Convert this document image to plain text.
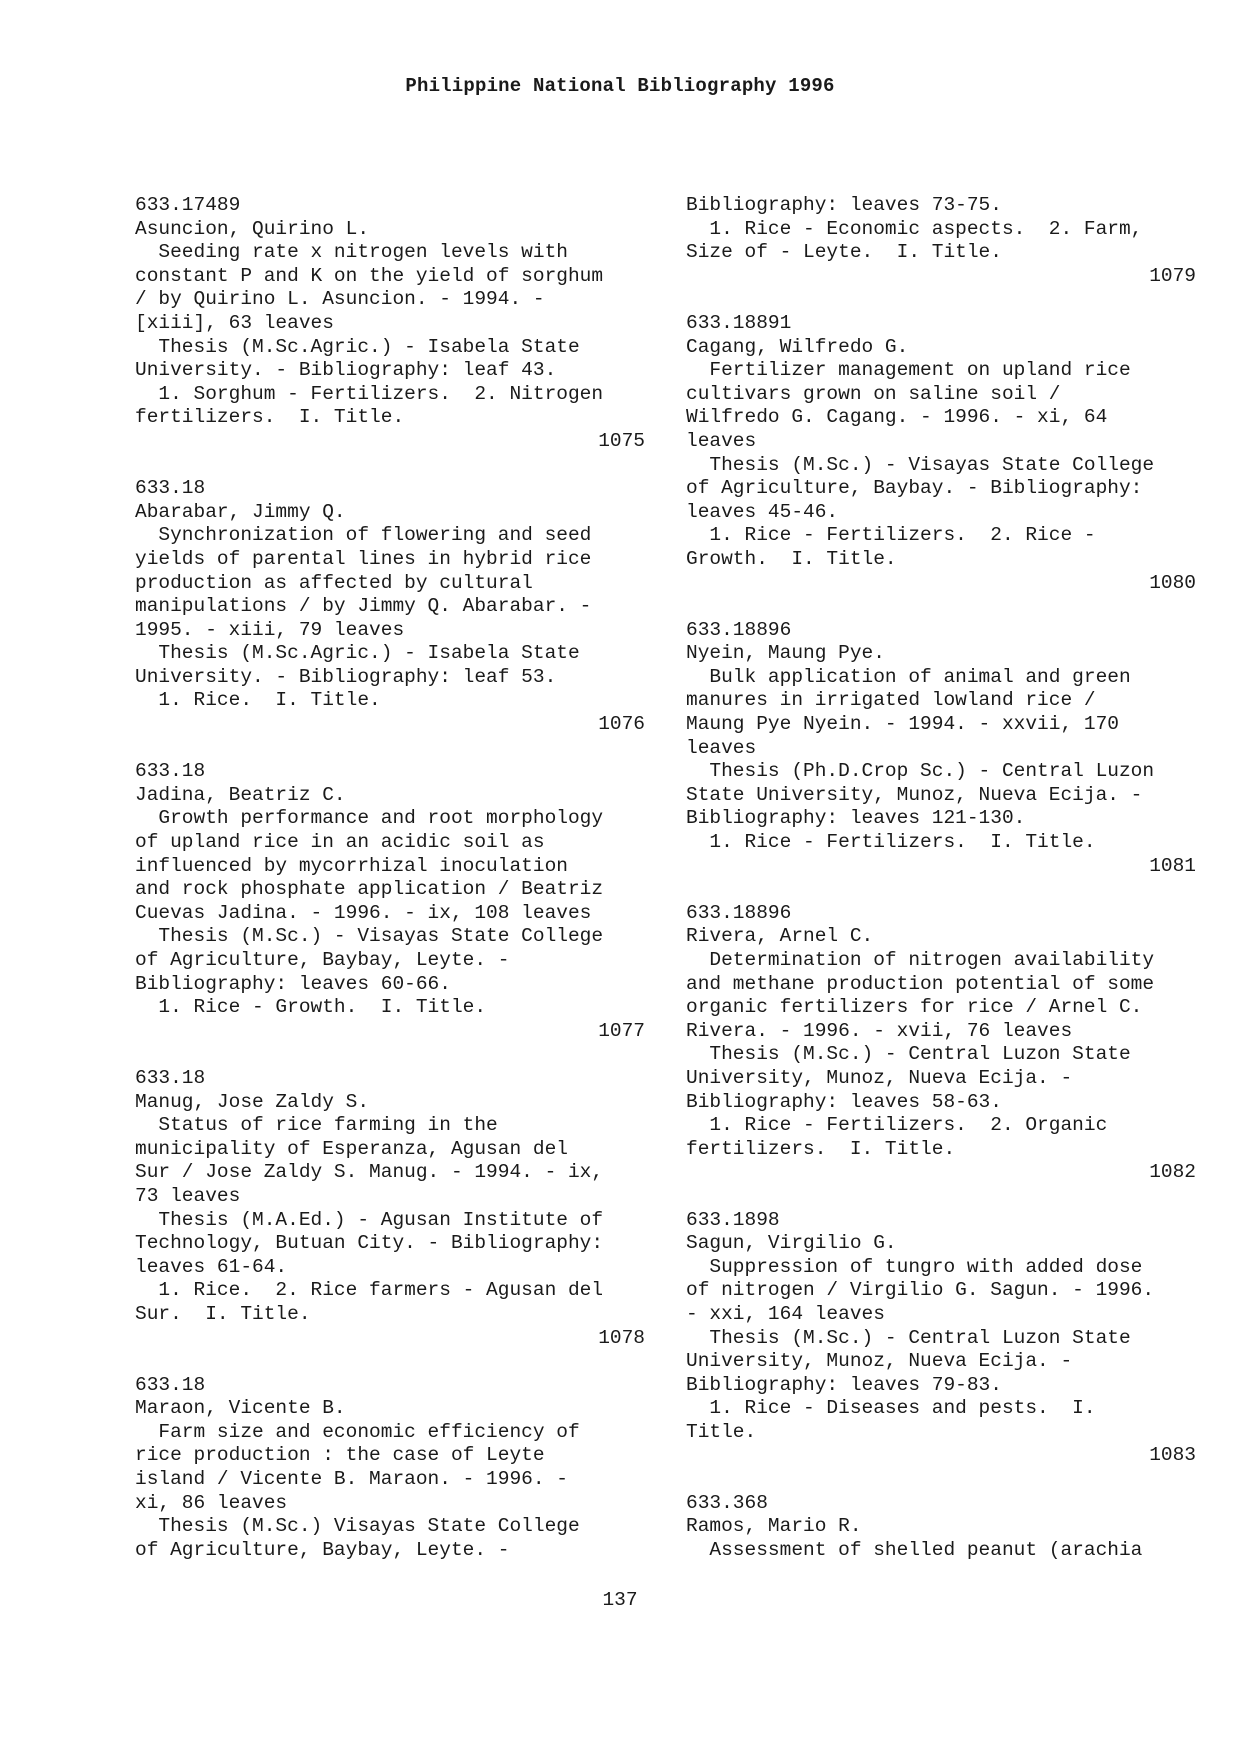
Philippine National Bibliography 1996
633.17489
Asuncion, Quirino L.
Seeding rate x nitrogen levels with
constant P and K on the yield of sorghum
/ by Quirino L. Asuncion. - 1994. -
[xiii], 63 leaves
Thesis (M.Sc.Agric.) - Isabela State
University. - Bibliography: leaf 43.
1. Sorghum - Fertilizers.  2. Nitrogen
fertilizers.  I. Title.
1075
633.18
Abarabar, Jimmy Q.
Synchronization of flowering and seed
yields of parental lines in hybrid rice
production as affected by cultural
manipulations / by Jimmy Q. Abarabar. -
1995. - xiii, 79 leaves
Thesis (M.Sc.Agric.) - Isabela State
University. - Bibliography: leaf 53.
1. Rice.  I. Title.
1076
633.18
Jadina, Beatriz C.
Growth performance and root morphology
of upland rice in an acidic soil as
influenced by mycorrhizal inoculation
and rock phosphate application / Beatriz
Cuevas Jadina. - 1996. - ix, 108 leaves
Thesis (M.Sc.) - Visayas State College
of Agriculture, Baybay, Leyte. -
Bibliography: leaves 60-66.
1. Rice - Growth.  I. Title.
1077
633.18
Manug, Jose Zaldy S.
Status of rice farming in the
municipality of Esperanza, Agusan del
Sur / Jose Zaldy S. Manug. - 1994. - ix,
73 leaves
Thesis (M.A.Ed.) - Agusan Institute of
Technology, Butuan City. - Bibliography:
leaves 61-64.
1. Rice.  2. Rice farmers - Agusan del
Sur.  I. Title.
1078
633.18
Maraon, Vicente B.
Farm size and economic efficiency of
rice production : the case of Leyte
island / Vicente B. Maraon. - 1996. -
xi, 86 leaves
Thesis (M.Sc.) Visayas State College
of Agriculture, Baybay, Leyte. -
Bibliography: leaves 73-75.
1. Rice - Economic aspects.  2. Farm,
Size of - Leyte.  I. Title.
1079
633.18891
Cagang, Wilfredo G.
Fertilizer management on upland rice
cultivars grown on saline soil /
Wilfredo G. Cagang. - 1996. - xi, 64
leaves
Thesis (M.Sc.) - Visayas State College
of Agriculture, Baybay. - Bibliography:
leaves 45-46.
1. Rice - Fertilizers.  2. Rice -
Growth.  I. Title.
1080
633.18896
Nyein, Maung Pye.
Bulk application of animal and green
manures in irrigated lowland rice /
Maung Pye Nyein. - 1994. - xxvii, 170
leaves
Thesis (Ph.D.Crop Sc.) - Central Luzon
State University, Munoz, Nueva Ecija. -
Bibliography: leaves 121-130.
1. Rice - Fertilizers.  I. Title.
1081
633.18896
Rivera, Arnel C.
Determination of nitrogen availability
and methane production potential of some
organic fertilizers for rice / Arnel C.
Rivera. - 1996. - xvii, 76 leaves
Thesis (M.Sc.) - Central Luzon State
University, Munoz, Nueva Ecija. -
Bibliography: leaves 58-63.
1. Rice - Fertilizers.  2. Organic
fertilizers.  I. Title.
1082
633.1898
Sagun, Virgilio G.
Suppression of tungro with added dose
of nitrogen / Virgilio G. Sagun. - 1996.
- xxi, 164 leaves
Thesis (M.Sc.) - Central Luzon State
University, Munoz, Nueva Ecija. -
Bibliography: leaves 79-83.
1. Rice - Diseases and pests.  I.
Title.
1083
633.368
Ramos, Mario R.
Assessment of shelled peanut (arachia
137
